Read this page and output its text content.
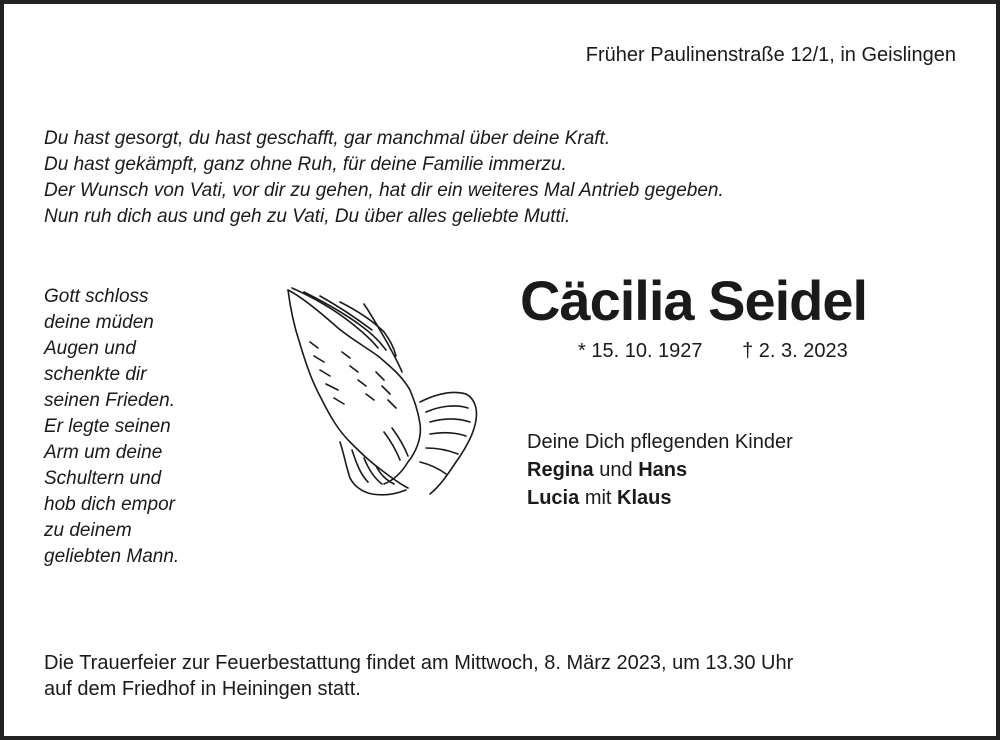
Früher Paulinenstraße 12/1, in Geislingen
Du hast gesorgt, du hast geschafft, gar manchmal über deine Kraft.
Du hast gekämpft, ganz ohne Ruh, für deine Familie immerzu.
Der Wunsch von Vati, vor dir zu gehen, hat dir ein weiteres Mal Antrieb gegeben.
Nun ruh dich aus und geh zu Vati, Du über alles geliebte Mutti.
Gott schloss
deine müden
Augen und
schenkte dir
seinen Frieden.
Er legte seinen
Arm um deine
Schultern und
hob dich empor
zu deinem
geliebten Mann.
Cäcilia Seidel
* 15. 10. 1927 † 2. 3. 2023
Deine Dich pflegenden Kinder
Regina und Hans
Lucia mit Klaus
Die Trauerfeier zur Feuerbestattung findet am Mittwoch, 8. März 2023, um 13.30 Uhr
auf dem Friedhof in Heiningen statt.
